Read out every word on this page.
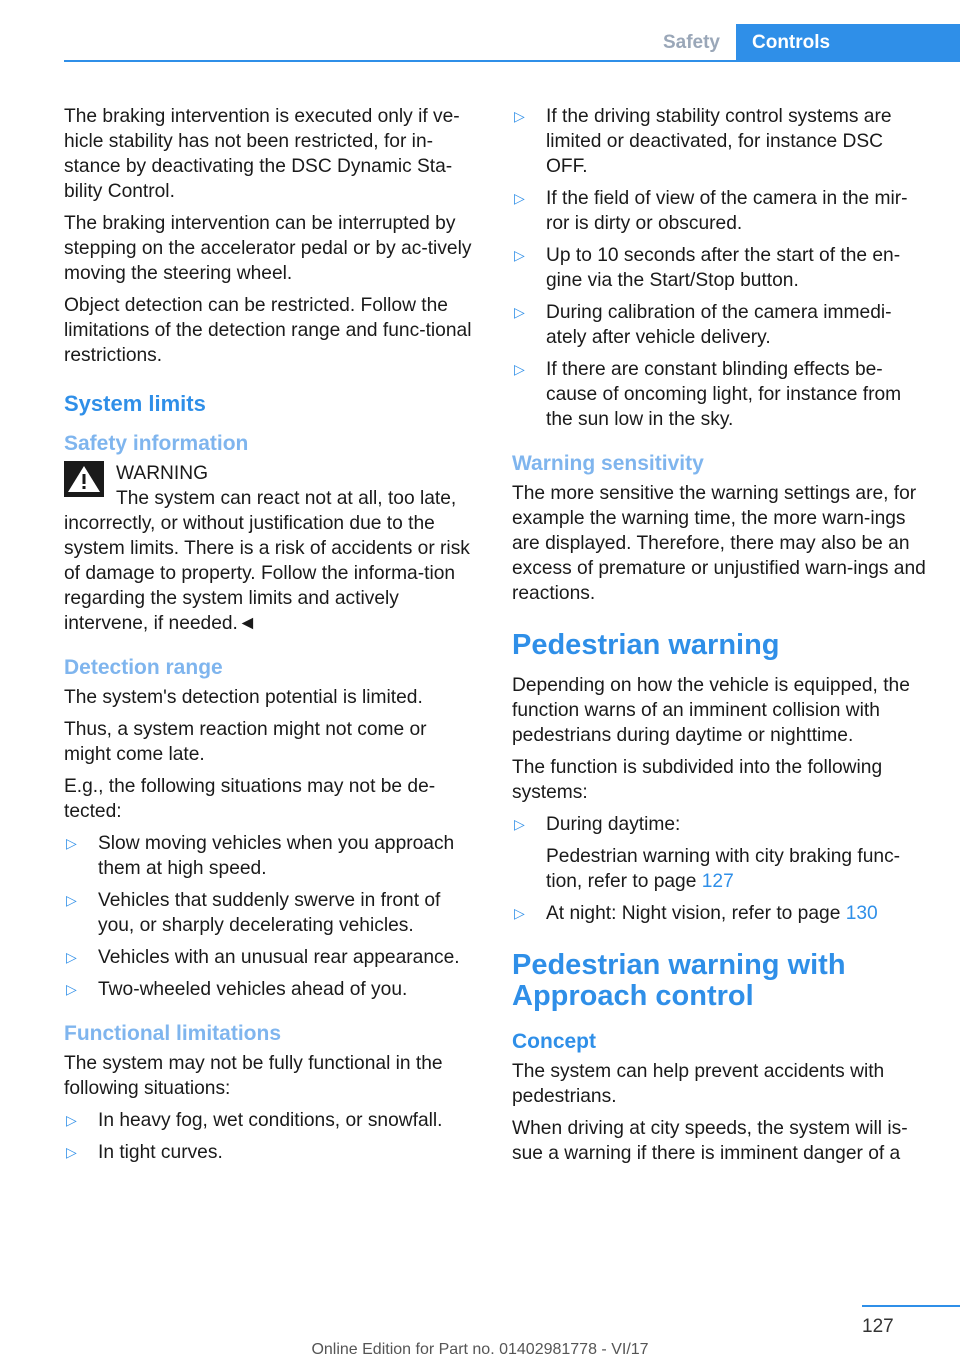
Safety	Controls

The braking intervention is executed only if ve‐hicle stability has not been restricted, for in‐stance by deactivating the DSC Dynamic Sta‐bility Control.

The braking intervention can be interrupted by stepping on the accelerator pedal or by ac‐tively moving the steering wheel.

Object detection can be restricted. Follow the limitations of the detection range and func‐tional restrictions.

System limits
Safety information
WARNING
The system can react not at all, too late,

incorrectly, or without justification due to the system limits. There is a risk of accidents or risk of damage to property. Follow the informa‐tion regarding the system limits and actively intervene, if needed.◄

Detection range

The system's detection potential is limited.

Thus, a system reaction might not come or might come late.

E.g., the following situations may not be de‐tected:

▷ Slow moving vehicles when you approach them at high speed.
▷ Vehicles that suddenly swerve in front of you, or sharply decelerating vehicles.
▷ Vehicles with an unusual rear appearance.
▷ Two-wheeled vehicles ahead of you.
Functional limitations

The system may not be fully functional in the following situations:

▷ In heavy fog, wet conditions, or snowfall.
▷ In tight curves.
▷ If the driving stability control systems are limited or deactivated, for instance DSC OFF.
▷ If the field of view of the camera in the mir‐ror is dirty or obscured.
▷ Up to 10 seconds after the start of the en‐gine via the Start/Stop button.
▷ During calibration of the camera immedi‐ately after vehicle delivery.
▷ If there are constant blinding effects be‐cause of oncoming light, for instance from the sun low in the sky.
Warning sensitivity

The more sensitive the warning settings are, for example the warning time, the more warn‐ings are displayed. Therefore, there may also be an excess of premature or unjustified warn‐ings and reactions.

Pedestrian warning

Depending on how the vehicle is equipped, the function warns of an imminent collision with pedestrians during daytime or nighttime.

The function is subdivided into the following systems:

▷ During daytime:
Pedestrian warning with city braking func‐tion, refer to page 127
▷ At night: Night vision, refer to page 130
Pedestrian warning with Approach control
Concept

The system can help prevent accidents with pedestrians.

When driving at city speeds, the system will is‐sue a warning if there is imminent danger of a

127
Online Edition for Part no. 01402981778 - VI/17
